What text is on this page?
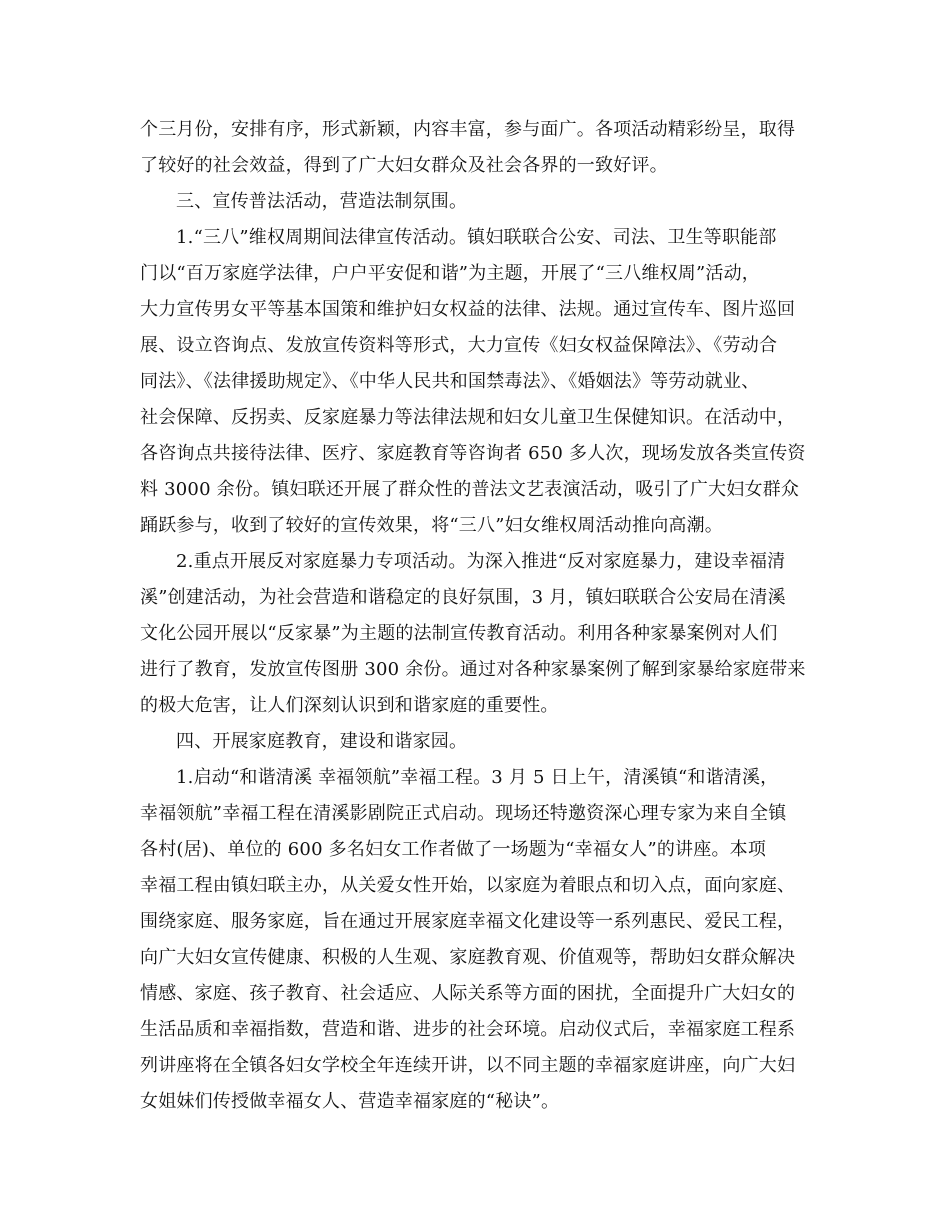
个三月份，安排有序，形式新颖，内容丰富，参与面广。各项活动精彩纷呈，取得
了较好的社会效益，得到了广大妇女群众及社会各界的一致好评。
三、宣传普法活动，营造法制氛围。
1.“三八”维权周期间法律宣传活动。镇妇联联合公安、司法、卫生等职能部
门以“百万家庭学法律，户户平安促和谐”为主题，开展了“三八维权周”活动，
大力宣传男女平等基本国策和维护妇女权益的法律、法规。通过宣传车、图片巡回
展、设立咨询点、发放宣传资料等形式，大力宣传《妇女权益保障法》、《劳动合
同法》、《法律援助规定》、《中华人民共和国禁毒法》、《婚姻法》等劳动就业、
社会保障、反拐卖、反家庭暴力等法律法规和妇女儿童卫生保健知识。在活动中，
各咨询点共接待法律、医疗、家庭教育等咨询者 650 多人次，现场发放各类宣传资
料 3000 余份。镇妇联还开展了群众性的普法文艺表演活动，吸引了广大妇女群众
踊跃参与，收到了较好的宣传效果，将“三八”妇女维权周活动推向高潮。
2.重点开展反对家庭暴力专项活动。为深入推进“反对家庭暴力，建设幸福清
溪”创建活动，为社会营造和谐稳定的良好氛围，3 月，镇妇联联合公安局在清溪
文化公园开展以“反家暴”为主题的法制宣传教育活动。利用各种家暴案例对人们
进行了教育，发放宣传图册 300 余份。通过对各种家暴案例了解到家暴给家庭带来
的极大危害，让人们深刻认识到和谐家庭的重要性。
四、开展家庭教育，建设和谐家园。
1.启动“和谐清溪 幸福领航”幸福工程。3 月 5 日上午，清溪镇“和谐清溪，
幸福领航”幸福工程在清溪影剧院正式启动。现场还特邀资深心理专家为来自全镇
各村(居)、单位的 600 多名妇女工作者做了一场题为“幸福女人”的讲座。本项
幸福工程由镇妇联主办，从关爱女性开始，以家庭为着眼点和切入点，面向家庭、
围绕家庭、服务家庭，旨在通过开展家庭幸福文化建设等一系列惠民、爱民工程，
向广大妇女宣传健康、积极的人生观、家庭教育观、价值观等，帮助妇女群众解决
情感、家庭、孩子教育、社会适应、人际关系等方面的困扰，全面提升广大妇女的
生活品质和幸福指数，营造和谐、进步的社会环境。启动仪式后，幸福家庭工程系
列讲座将在全镇各妇女学校全年连续开讲，以不同主题的幸福家庭讲座，向广大妇
女姐妹们传授做幸福女人、营造幸福家庭的“秘诀”。
